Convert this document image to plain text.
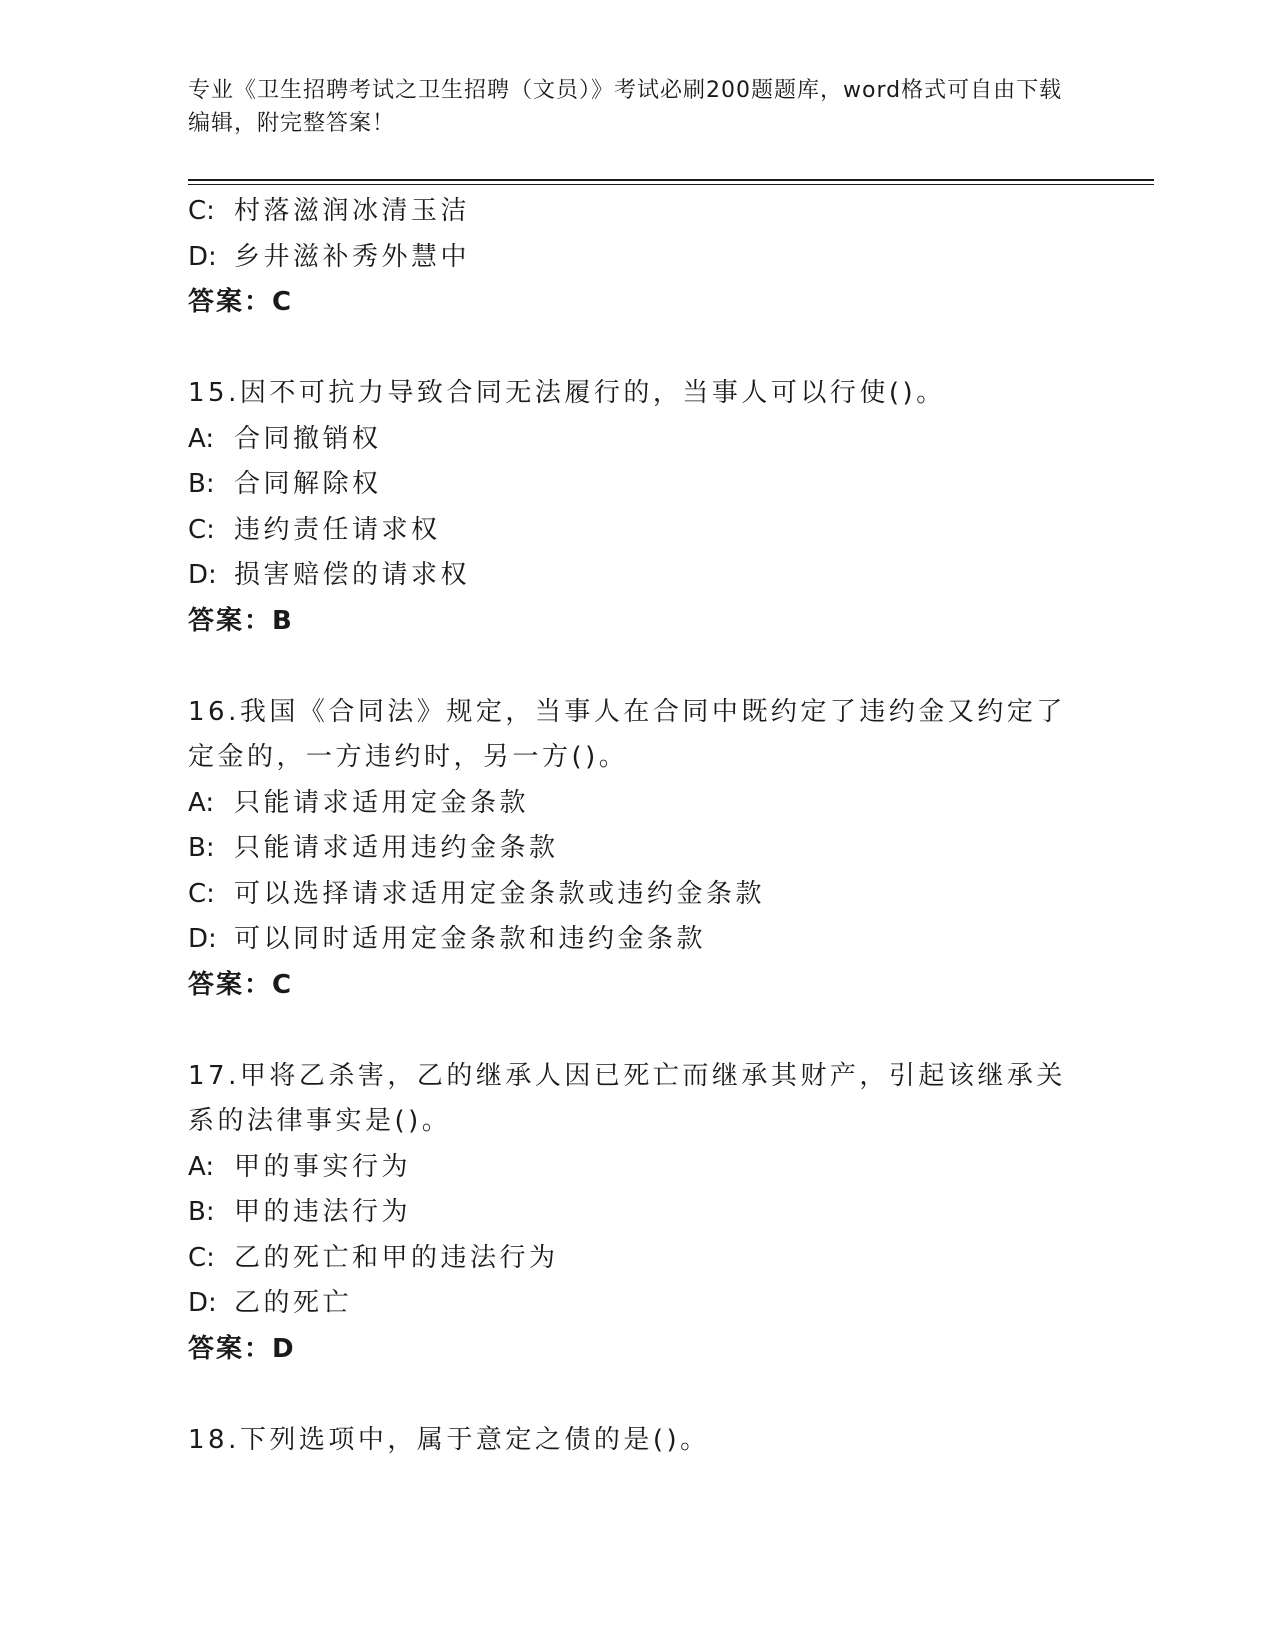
专业《卫生招聘考试之卫生招聘（文员）》考试必刷200题题库，word格式可自由下载编辑，附完整答案！
C: 村落滋润冰清玉洁
D: 乡井滋补秀外慧中
答案：C
15.因不可抗力导致合同无法履行的，当事人可以行使()。
A: 合同撤销权
B: 合同解除权
C: 违约责任请求权
D: 损害赔偿的请求权
答案：B
16.我国《合同法》规定，当事人在合同中既约定了违约金又约定了定金的，一方违约时，另一方()。
A: 只能请求适用定金条款
B: 只能请求适用违约金条款
C: 可以选择请求适用定金条款或违约金条款
D: 可以同时适用定金条款和违约金条款
答案：C
17.甲将乙杀害，乙的继承人因已死亡而继承其财产，引起该继承关系的法律事实是()。
A: 甲的事实行为
B: 甲的违法行为
C: 乙的死亡和甲的违法行为
D: 乙的死亡
答案：D
18.下列选项中，属于意定之债的是()。
